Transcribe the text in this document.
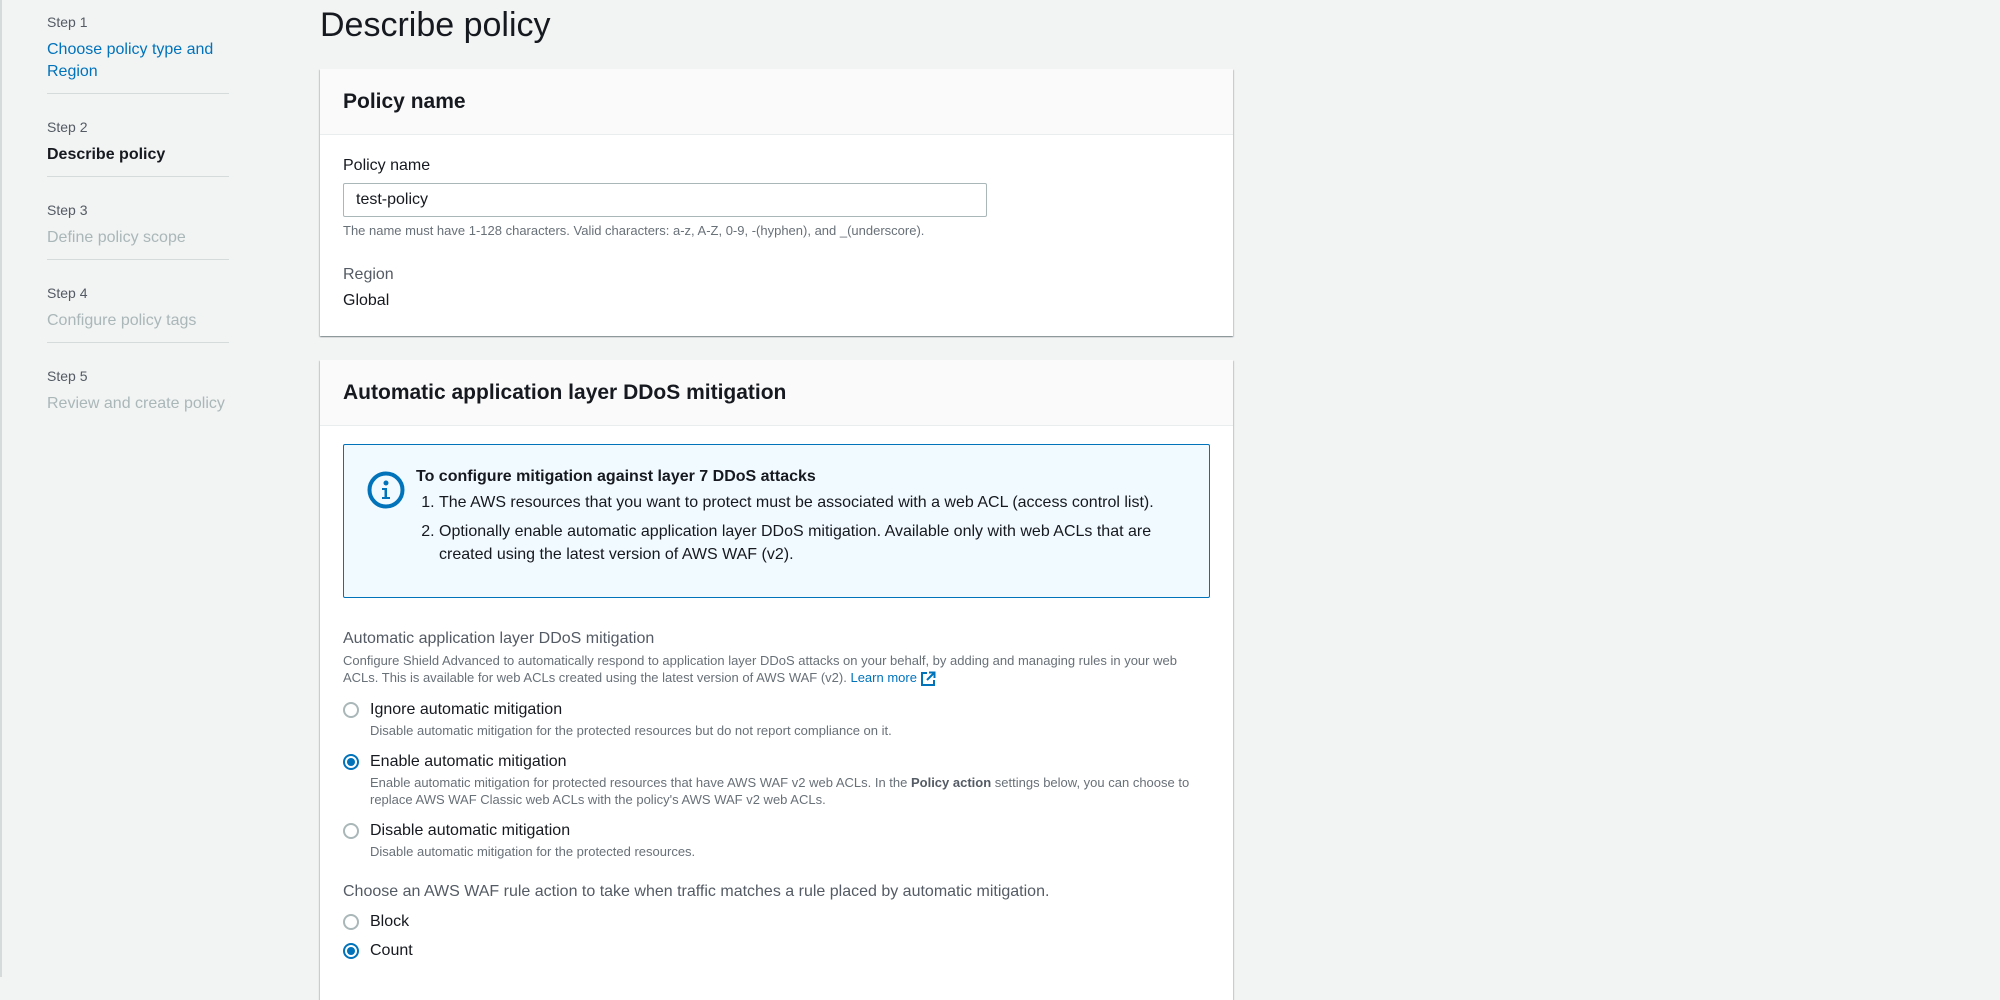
Step 1
Choose policy type and Region
Step 2
Describe policy
Step 3
Define policy scope
Step 4
Configure policy tags
Step 5
Review and create policy
Describe policy
Policy name
Policy name
test-policy
The name must have 1-128 characters. Valid characters: a-z, A-Z, 0-9, -(hyphen), and _(underscore).
Region
Global
Automatic application layer DDoS mitigation
To configure mitigation against layer 7 DDoS attacks
1. The AWS resources that you want to protect must be associated with a web ACL (access control list).
2. Optionally enable automatic application layer DDoS mitigation. Available only with web ACLs that are created using the latest version of AWS WAF (v2).
Automatic application layer DDoS mitigation
Configure Shield Advanced to automatically respond to application layer DDoS attacks on your behalf, by adding and managing rules in your web ACLs. This is available for web ACLs created using the latest version of AWS WAF (v2). Learn more
Ignore automatic mitigation
Disable automatic mitigation for the protected resources but do not report compliance on it.
Enable automatic mitigation
Enable automatic mitigation for protected resources that have AWS WAF v2 web ACLs. In the Policy action settings below, you can choose to replace AWS WAF Classic web ACLs with the policy's AWS WAF v2 web ACLs.
Disable automatic mitigation
Disable automatic mitigation for the protected resources.
Choose an AWS WAF rule action to take when traffic matches a rule placed by automatic mitigation.
Block
Count
